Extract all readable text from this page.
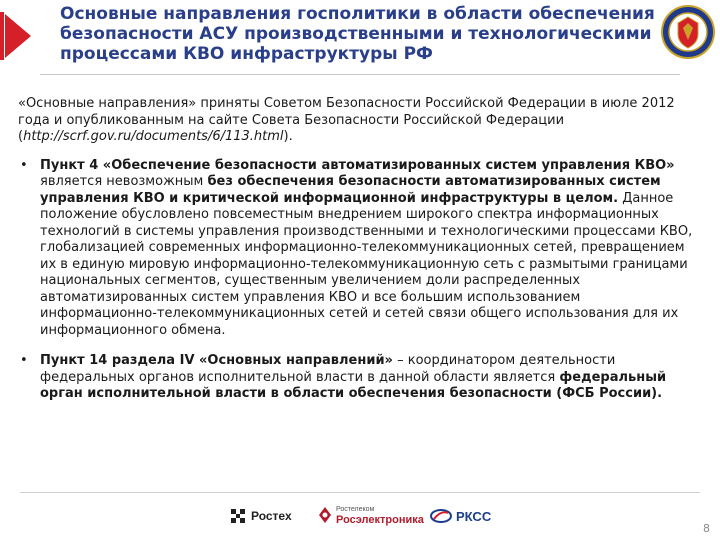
Основные направления госполитики в области обеспечения
безопасности АСУ производственными и технологическими
процессами КВО инфраструктуры РФ

«Основные направления» приняты Советом Безопасности Российской Федерации в июле 2012 года и опубликованным на сайте Совета Безопасности Российской Федерации (http://scrf.gov.ru/documents/6/113.html).

• Пункт 4 «Обеспечение безопасности автоматизированных систем управления КВО» является невозможным без обеспечения безопасности автоматизированных систем управления КВО и критической информационной инфраструктуры в целом. Данное положение обусловлено повсеместным внедрением широкого спектра информационных технологий в системы управления производственными и технологическими процессами КВО, глобализацией современных информационно-телекоммуникационных сетей, превращением их в единую мировую информационно-телекоммуникационную сеть с размытыми границами национальных сегментов, существенным увеличением доли распределенных автоматизированных систем управления КВО и все большим использованием информационно-телекоммуникационных сетей и сетей связи общего использования для их информационного обмена.
• Пункт 14 раздела IV «Основных направлений» – координатором деятельности федеральных органов исполнительной власти в данной области является федеральный орган исполнительной власти в области обеспечения безопасности (ФСБ России).
Ростех	Ростелеком
Росэлектроника РКСС
8
